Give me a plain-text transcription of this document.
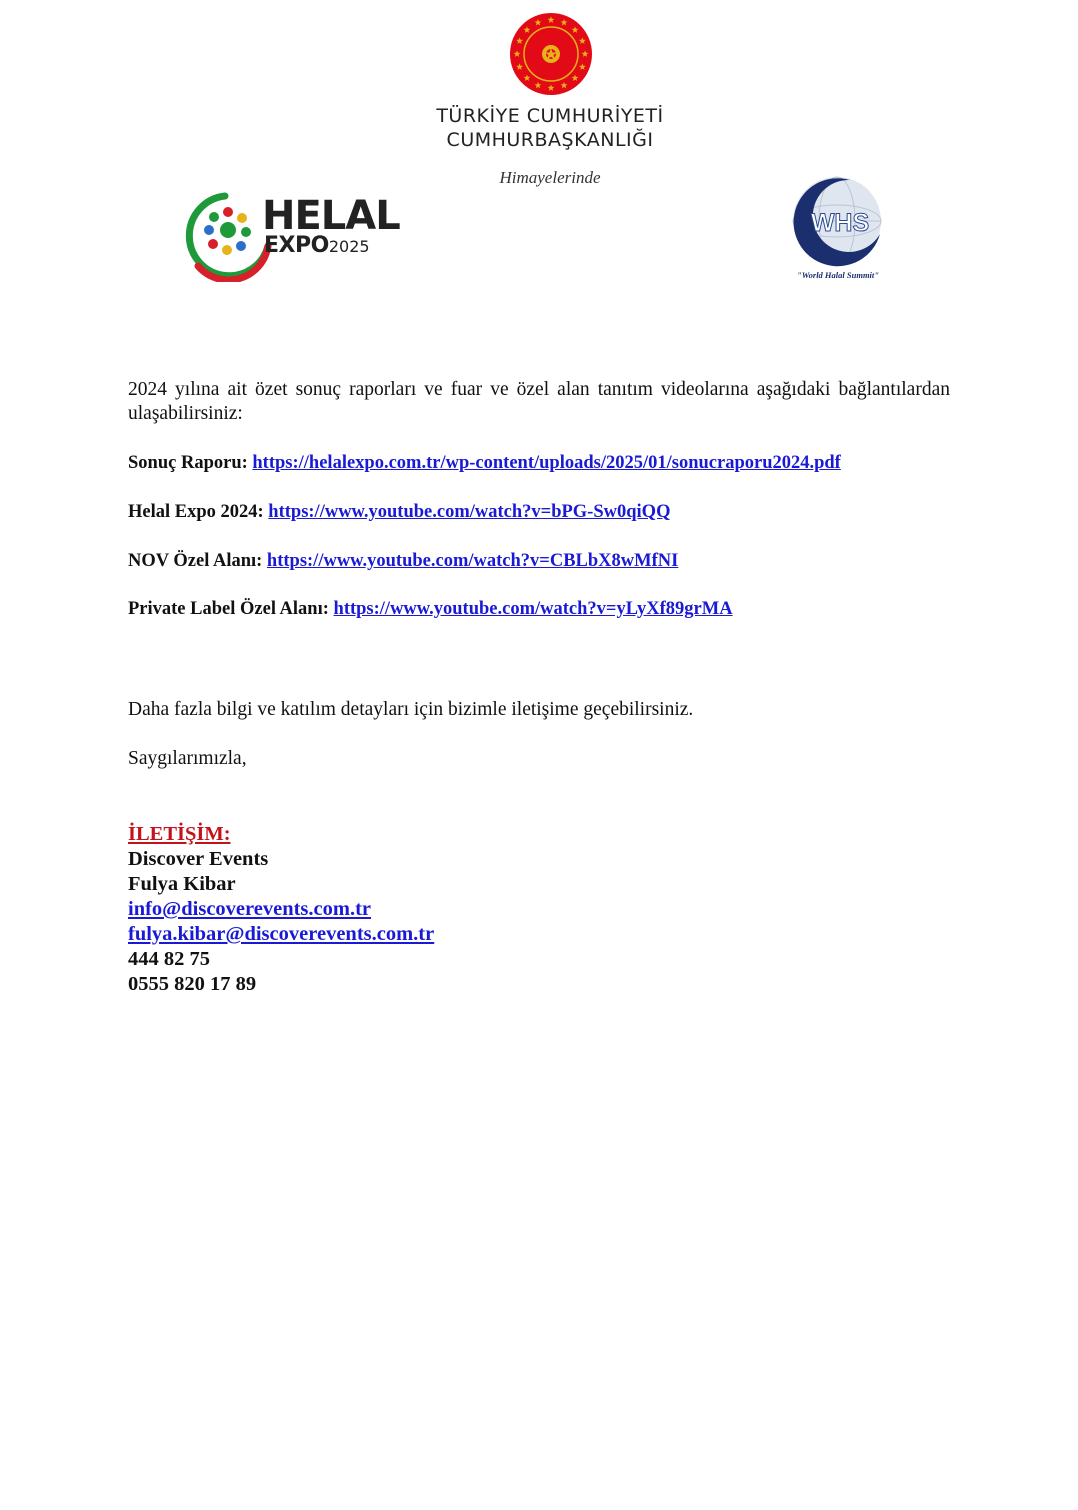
TÜRKİYE CUMHURİYETİ
CUMHURBAŞKANLIĞI
Himayelerinde
HELAL
EXPO2025
WHS
"World Halal Summit"
2024 yılına ait özet sonuç raporları ve fuar ve özel alan tanıtım videolarına aşağıdaki bağlantılardan ulaşabilirsiniz:
Sonuç Raporu: https://helalexpo.com.tr/wp-content/uploads/2025/01/sonucraporu2024.pdf
Helal Expo 2024: https://www.youtube.com/watch?v=bPG-Sw0qiQQ
NOV Özel Alanı: https://www.youtube.com/watch?v=CBLbX8wMfNI
Private Label Özel Alanı: https://www.youtube.com/watch?v=yLyXf89grMA
Daha fazla bilgi ve katılım detayları için bizimle iletişime geçebilirsiniz.
Saygılarımızla,
İLETİŞİM:
Discover Events
Fulya Kibar
info@discoverevents.com.tr
fulya.kibar@discoverevents.com.tr
444 82 75
0555 820 17 89
